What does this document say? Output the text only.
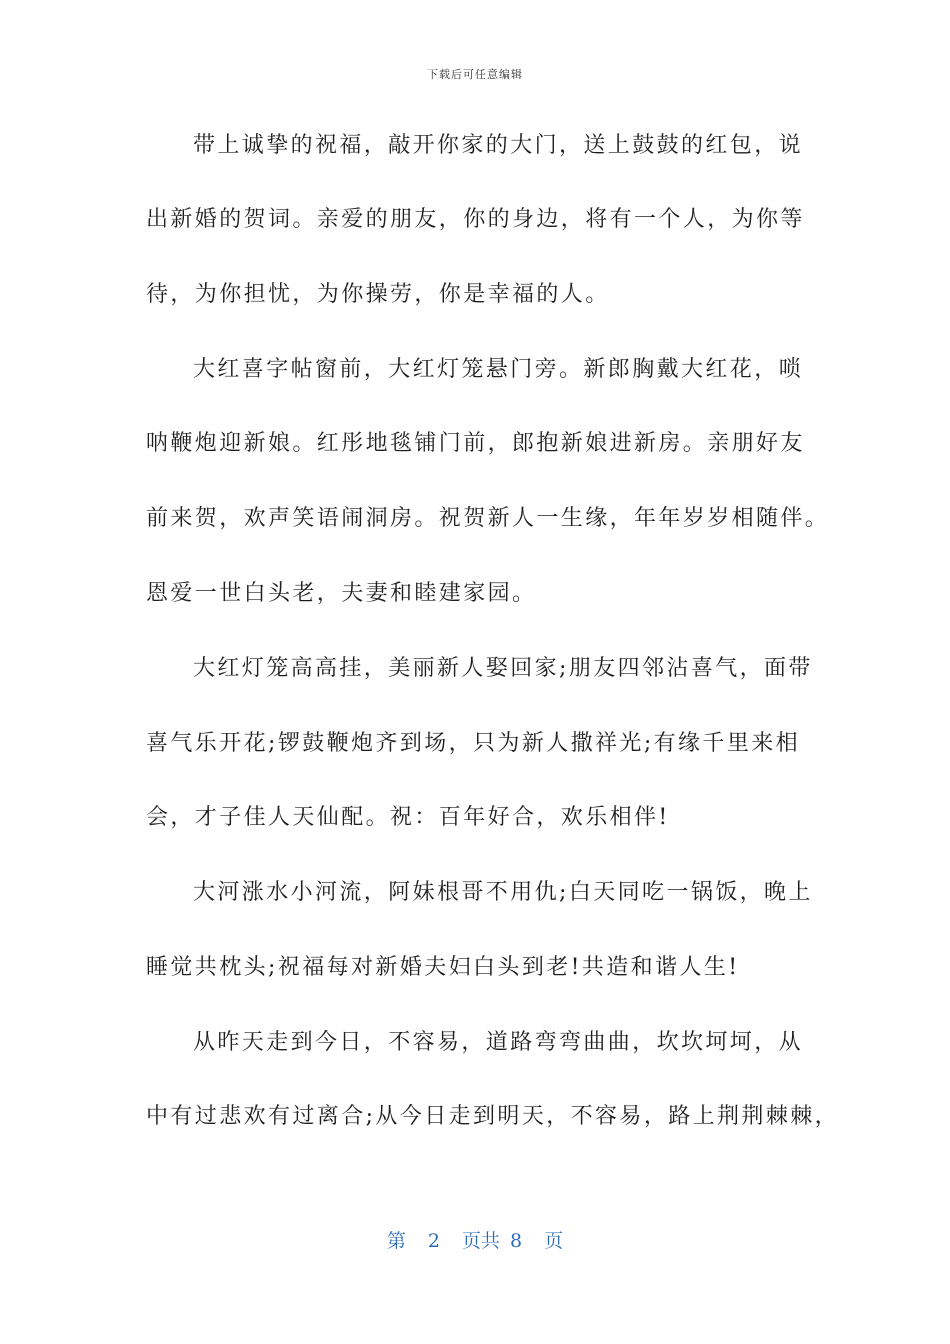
下载后可任意编辑
带上诚挚的祝福，敲开你家的大门，送上鼓鼓的红包，说
出新婚的贺词。亲爱的朋友，你的身边，将有一个人，为你等
待，为你担忧，为你操劳，你是幸福的人。
大红喜字帖窗前，大红灯笼悬门旁。新郎胸戴大红花，唢
呐鞭炮迎新娘。红彤地毯铺门前，郎抱新娘进新房。亲朋好友
前来贺，欢声笑语闹洞房。祝贺新人一生缘，年年岁岁相随伴。
恩爱一世白头老，夫妻和睦建家园。
大红灯笼高高挂，美丽新人娶回家;朋友四邻沾喜气，面带
喜气乐开花;锣鼓鞭炮齐到场，只为新人撒祥光;有缘千里来相
会，才子佳人天仙配。祝：百年好合，欢乐相伴!
大河涨水小河流，阿妹根哥不用仇;白天同吃一锅饭，晚上
睡觉共枕头;祝福每对新婚夫妇白头到老!共造和谐人生!
从昨天走到今日，不容易，道路弯弯曲曲，坎坎坷坷，从
中有过悲欢有过离合;从今日走到明天，不容易，路上荆荆棘棘，
第 2 页共 8 页
